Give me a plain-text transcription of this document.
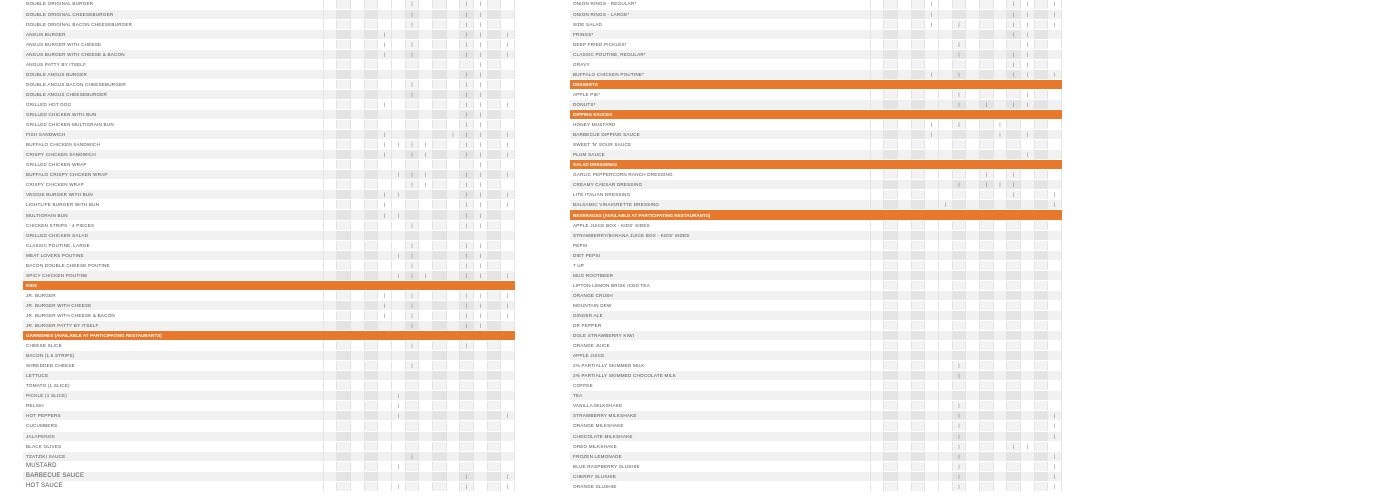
DOUBLE ORIGINAL BURGER							|				|	|		
DOUBLE ORIGINAL CHEESEBURGER							|				|	|		
DOUBLE ORIGINAL BACON CHEESEBURGER							|				|	|		
ANGUS BURGER					|						|	|		|
ANGUS BURGER WITH CHEESE					|		|				|	|		|
ANGUS BURGER WITH CHEESE & BACON					|		|				|	|		|
ANGUS PATTY BY ITSELF												|		
DOUBLE ANGUS BURGER											|	|		
DOUBLE ANGUS BACON CHEESEBURGER							|				|	|		
DOUBLE ANGUS CHEESEBURGER							|				|	|		
GRILLED HOT DOG					|						|	|		|
GRILLED CHICKEN WITH BUN											|	|		
GRILLED CHICKEN MULTIGRAIN BUN											|	|		
FISH SANDWICH					|					|	|	|		|
BUFFALO CHICKEN SANDWICH					|	|	|	|			|	|		|
CRISPY CHICKEN SANDWICH					|		|	|			|	|		|
GRILLED CHICKEN WRAP												|		
BUFFALO CRISPY CHICKEN WRAP						|	|	|			|	|		|
CRISPY CHICKEN WRAP							|	|			|	|		
VEGGIE BURGER WITH BUN					|	|					|	|		|
LIGHTLIFE BURGER WITH BUN					|						|	|		|
MULTIGRAIN BUN					|	|					|	|		
CHICKEN STRIPS - 4 PIECES							|				|	|		
GRILLED CHICKEN SALAD														
CLASSIC POUTINE, LARGE							|				|	|		
MEAT LOVERS POUTINE						|	|				|	|		
BACON DOUBLE CHEESE POUTINE							|				|	|		
SPICY CHICKEN POUTINE						|	|	|			|	|		|
KIDS														
JR. BURGER					|		|				|	|		|
JR. BURGER WITH CHEESE					|		|				|	|		|
JR. BURGER WITH CHEESE & BACON					|		|				|	|		|
JR. BURGER PATTY BY ITSELF							|				|	|		
GARNISHES (AVAILABLE AT PARTICIPATING RESTAURANTS)														
CHEESE SLICE							|				|			
BACON (1.5 STRIPS)														
SHREDDED CHEESE							|							
LETTUCE														
TOMATO (1 SLICE)														
PICKLE (1 SLICE)						|								
RELISH						|								
HOT PEPPERS						|								|
CUCUMBERS														
JALAPENOS														
BLACK OLIVES														
TZATZIKI SAUCE							|							
MUSTARD						|								
BARBECUE SAUCE											|			|
HOT SAUCE						|					|			|
ONION RINGS - REGULAR*					|						|	|		|
ONION RINGS - LARGE*					|						|	|		|
SIDE SALAD					|		|				|	|		|
FRINGS*											|	|		
DEEP FRIED PICKLES*							|					|		
CLASSIC POUTINE, REGULAR*							|				|	|		
GRAVY											|	|		
BUFFALO CHICKEN POUTINE*					|		|				|	|		|
DESSERTS														
APPLE PIE*							|					|		
DONUTS*							|		|		|	|		
DIPPING SAUCES														
HONEY MUSTARD					|		|			|				
BARBECUE DIPPING SAUCE					|					|		|		
SWEET 'N' SOUR SAUCE														
PLUM SAUCE												|		
SALAD DRESSINGS														
GARLIC PEPPERCORN RANCH DRESSING									|		|			
CREAMY CAESAR DRESSING							|		|	|	|			
LITE ITALIAN DRESSING											|			|
BALSAMIC VINAIGRETTE DRESSING						|								|
BEVERAGES (AVAILABLE AT PARTICIPATING RESTAURANTS)														
APPLE JUICE BOX - KIDS' SIDES														
STRAWBERRY/BANANA JUICE BOX - KIDS' SIDES														
PEPSI														
DIET PEPSI														
7 UP														
MUG ROOTBEER														
LIPTON LEMON BRISK ICED TEA														
ORANGE CRUSH														
MOUNTAIN DEW														
GINGER ALE														
DR PEPPER														
DOLE STRAWBERRY KIWI														
ORANGE JUICE														
APPLE JUICE														
2% PARTIALLY SKIMMED MILK							|							
2% PARTIALLY SKIMMED CHOCOLATE MILK							|							
COFFEE														
TEA														
VANILLA MILKSHAKE							|							
STRAWBERRY MILKSHAKE							|							|
ORANGE MILKSHAKE							|							|
CHOCOLATE MILKSHAKE							|							|
OREO MILKSHAKE							|				|	|		
FROZEN LEMONADE							|							|
BLUE RASPBERRY SLUSHIE							|							|
CHERRY SLUSHIE							|							|
ORANGE SLUSHIE							|							|
